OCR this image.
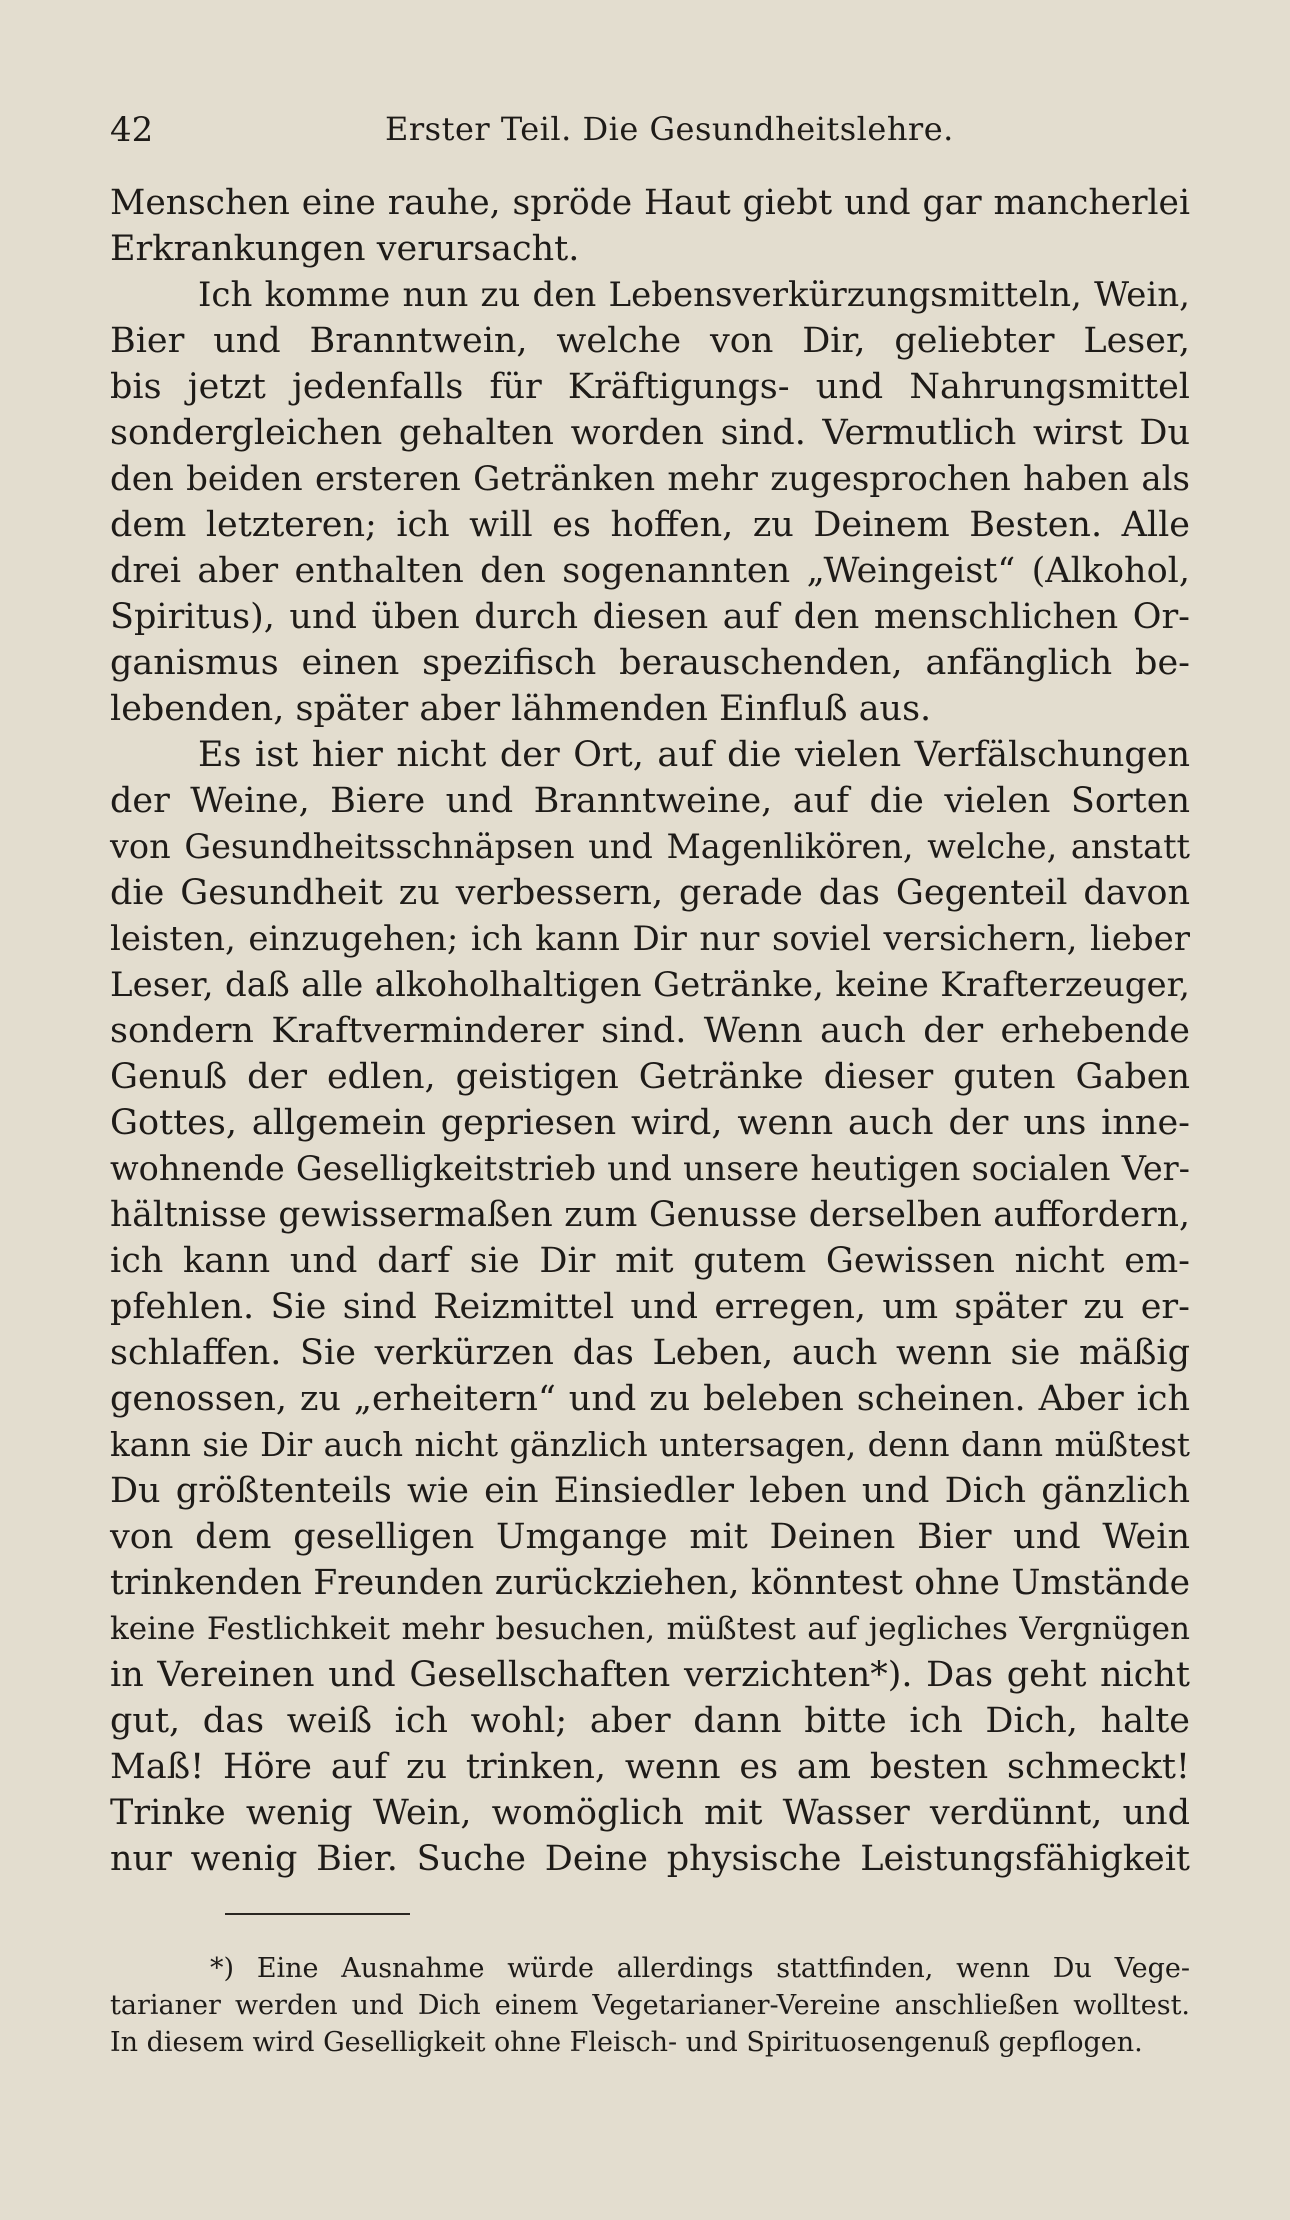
42	Erster Teil. Die Gesundheitslehre.
Menschen eine rauhe, spröde Haut giebt und gar mancherlei
Erkrankungen verursacht.
Ich komme nun zu den Lebensverkürzungsmitteln, Wein,
Bier und Branntwein, welche von Dir, geliebter Leser,
bis jetzt jedenfalls für Kräftigungs- und Nahrungsmittel
sondergleichen gehalten worden sind. Vermutlich wirst Du
den beiden ersteren Getränken mehr zugesprochen haben als
dem letzteren; ich will es hoffen, zu Deinem Besten. Alle
drei aber enthalten den sogenannten „Weingeist“ (Alkohol,
Spiritus), und üben durch diesen auf den menschlichen Or-
ganismus einen spezifisch berauschenden, anfänglich be-
lebenden, später aber lähmenden Einfluß aus.
Es ist hier nicht der Ort, auf die vielen Verfälschungen
der Weine, Biere und Branntweine, auf die vielen Sorten
von Gesundheitsschnäpsen und Magenlikören, welche, anstatt
die Gesundheit zu verbessern, gerade das Gegenteil davon
leisten, einzugehen; ich kann Dir nur soviel versichern, lieber
Leser, daß alle alkoholhaltigen Getränke, keine Krafterzeuger,
sondern Kraftverminderer sind. Wenn auch der erhebende
Genuß der edlen, geistigen Getränke dieser guten Gaben
Gottes, allgemein gepriesen wird, wenn auch der uns inne-
wohnende Geselligkeitstrieb und unsere heutigen socialen Ver-
hältnisse gewissermaßen zum Genusse derselben auffordern,
ich kann und darf sie Dir mit gutem Gewissen nicht em-
pfehlen. Sie sind Reizmittel und erregen, um später zu er-
schlaffen. Sie verkürzen das Leben, auch wenn sie mäßig
genossen, zu „erheitern“ und zu beleben scheinen. Aber ich
kann sie Dir auch nicht gänzlich untersagen, denn dann müßtest
Du größtenteils wie ein Einsiedler leben und Dich gänzlich
von dem geselligen Umgange mit Deinen Bier und Wein
trinkenden Freunden zurückziehen, könntest ohne Umstände
keine Festlichkeit mehr besuchen, müßtest auf jegliches Vergnügen
in Vereinen und Gesellschaften verzichten*). Das geht nicht
gut, das weiß ich wohl; aber dann bitte ich Dich, halte
Maß! Höre auf zu trinken, wenn es am besten schmeckt!
Trinke wenig Wein, womöglich mit Wasser verdünnt, und
nur wenig Bier. Suche Deine physische Leistungsfähigkeit
*) Eine Ausnahme würde allerdings stattfinden, wenn Du Vege-
tarianer werden und Dich einem Vegetarianer-Vereine anschließen wolltest.
In diesem wird Geselligkeit ohne Fleisch- und Spirituosengenuß gepflogen.
